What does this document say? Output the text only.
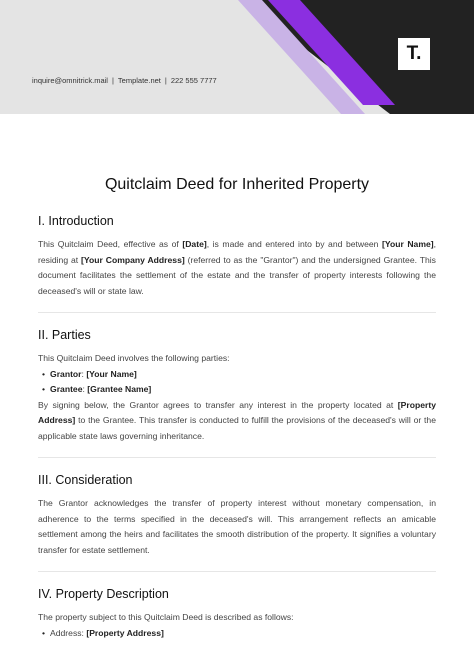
inquire@omnitrick.mail | Template.net | 222 555 7777
T.
Quitclaim Deed for Inherited Property
I. Introduction

This Quitclaim Deed, effective as of [Date], is made and entered into by and between [Your Name], residing at [Your Company Address] (referred to as the "Grantor") and the undersigned Grantee. This document facilitates the settlement of the estate and the transfer of property interests following the deceased's will or state law.

II. Parties

This Quitclaim Deed involves the following parties:

• Grantor: [Your Name]
• Grantee: [Grantee Name]

By signing below, the Grantor agrees to transfer any interest in the property located at [Property Address] to the Grantee. This transfer is conducted to fulfill the provisions of the deceased's will or the applicable state laws governing inheritance.

III. Consideration

The Grantor acknowledges the transfer of property interest without monetary compensation, in adherence to the terms specified in the deceased's will. This arrangement reflects an amicable settlement among the heirs and facilitates the smooth distribution of the property. It signifies a voluntary transfer for estate settlement.

IV. Property Description

The property subject to this Quitclaim Deed is described as follows:

• Address: [Property Address]
